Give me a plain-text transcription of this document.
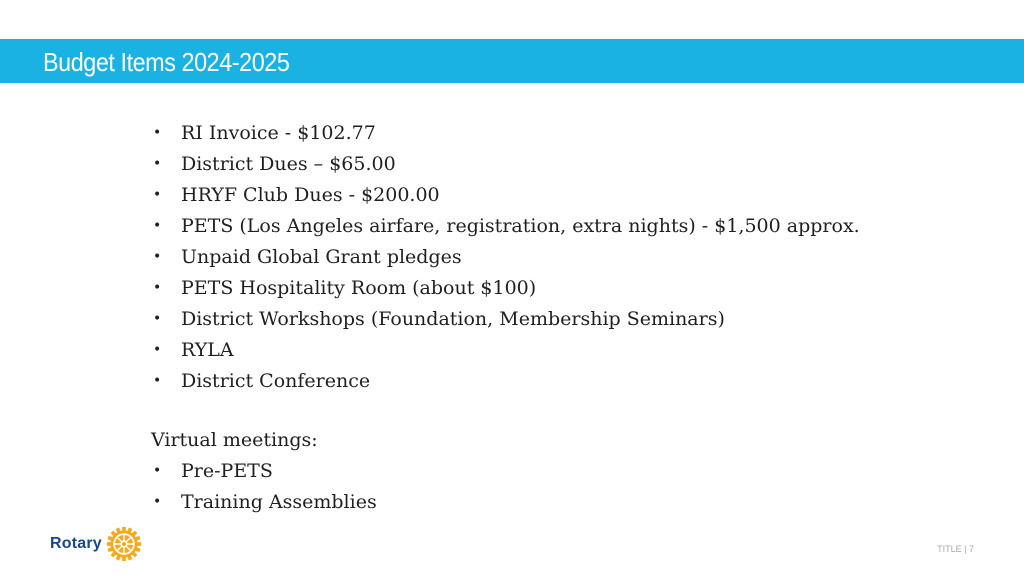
Budget Items 2024-2025
• RI Invoice - $102.77
• District Dues – $65.00
• HRYF Club Dues - $200.00
• PETS (Los Angeles airfare, registration, extra nights) - $1,500 approx.
• Unpaid Global Grant pledges
• PETS Hospitality Room (about $100)
• District Workshops (Foundation, Membership Seminars)
• RYLA
• District Conference
Virtual meetings:
• Pre-PETS
• Training Assemblies
Rotary	TITLE | 7
